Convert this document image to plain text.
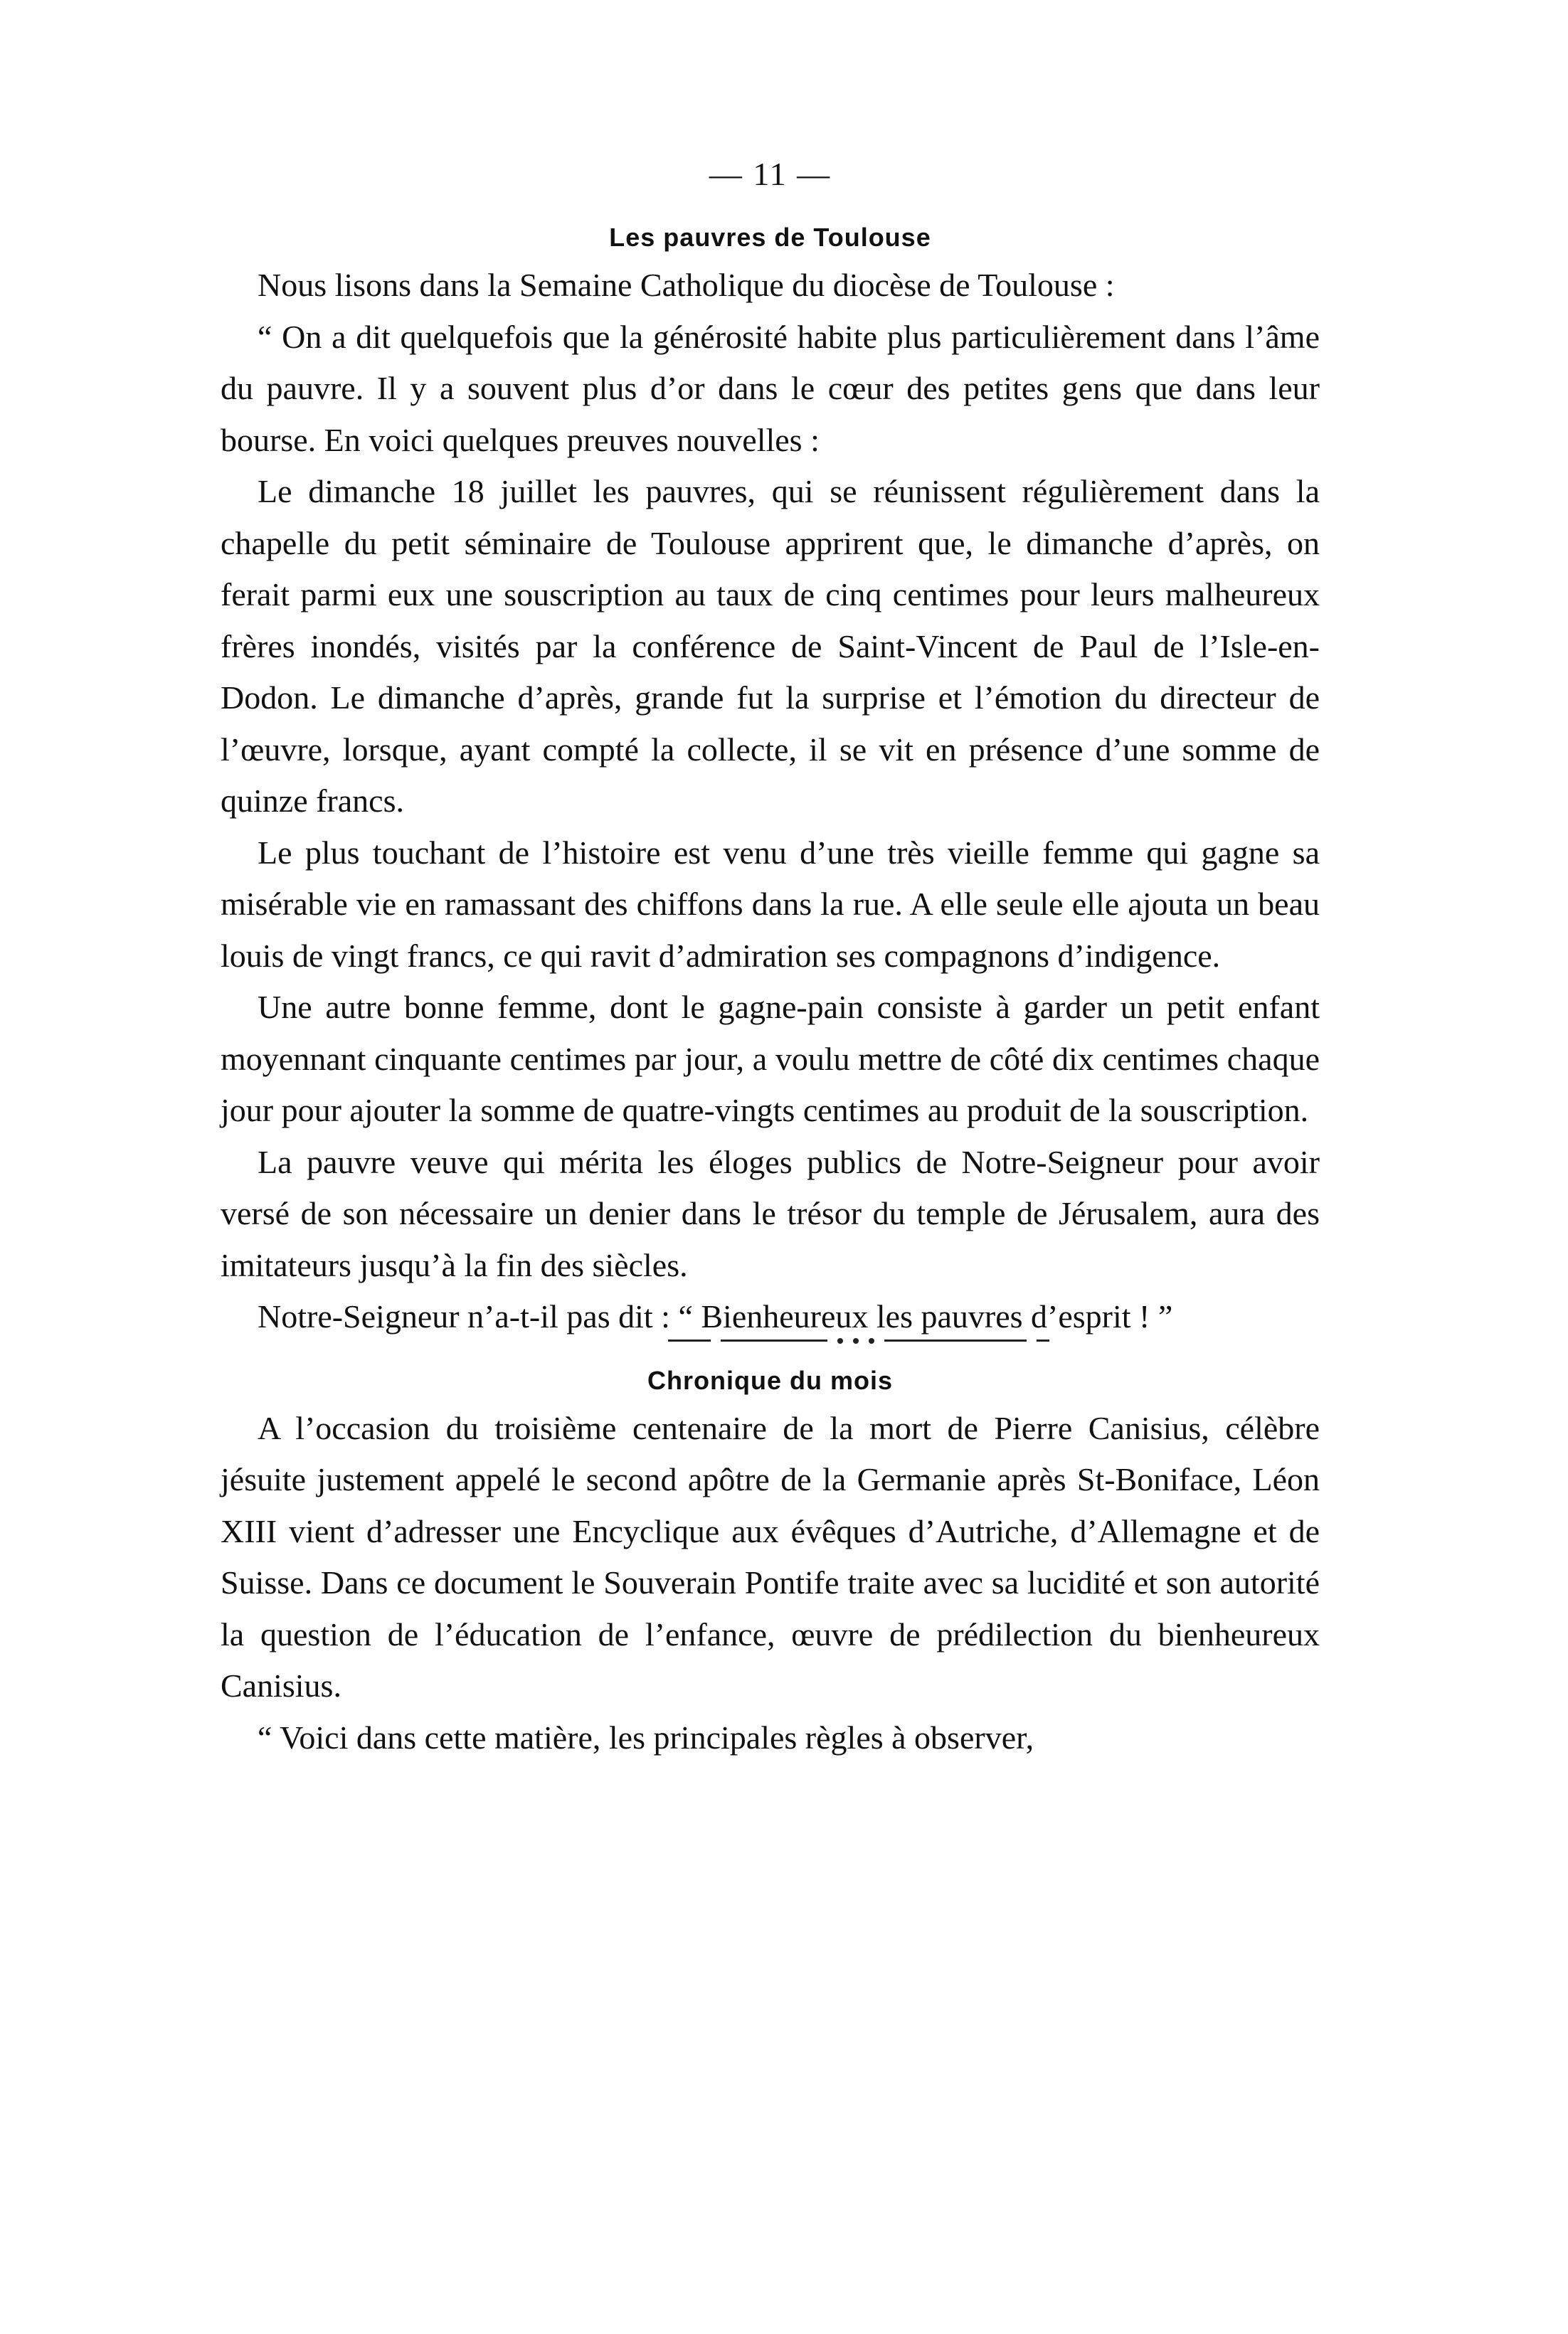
— 11 —
Les pauvres de Toulouse

Nous lisons dans la Semaine Catholique du diocèse de Toulouse :

“ On a dit quelquefois que la générosité habite plus particulièrement dans l’âme du pauvre. Il y a souvent plus d’or dans le cœur des petites gens que dans leur bourse. En voici quelques preuves nouvelles :

Le dimanche 18 juillet les pauvres, qui se réunissent régulièrement dans la chapelle du petit séminaire de Toulouse apprirent que, le dimanche d’après, on ferait parmi eux une souscription au taux de cinq centimes pour leurs malheureux frères inondés, visités par la conférence de Saint-Vincent de Paul de l’Isle-en-Dodon. Le dimanche d’après, grande fut la surprise et l’émotion du directeur de l’œuvre, lorsque, ayant compté la collecte, il se vit en présence d’une somme de quinze francs.

Le plus touchant de l’histoire est venu d’une très vieille femme qui gagne sa misérable vie en ramassant des chiffons dans la rue. A elle seule elle ajouta un beau louis de vingt francs, ce qui ravit d’admiration ses compagnons d’indigence.

Une autre bonne femme, dont le gagne-pain consiste à garder un petit enfant moyennant cinquante centimes par jour, a voulu mettre de côté dix centimes chaque jour pour ajouter la somme de quatre-vingts centimes au produit de la souscription.

La pauvre veuve qui mérita les éloges publics de Notre-Seigneur pour avoir versé de son nécessaire un denier dans le trésor du temple de Jérusalem, aura des imitateurs jusqu’à la fin des siècles.

Notre-Seigneur n’a-t-il pas dit : “ Bienheureux les pauvres d’esprit ! ”

Chronique du mois

A l’occasion du troisième centenaire de la mort de Pierre Canisius, célèbre jésuite justement appelé le second apôtre de la Germanie après St-Boniface, Léon XIII vient d’adresser une Encyclique aux évêques d’Autriche, d’Allemagne et de Suisse. Dans ce document le Souverain Pontife traite avec sa lucidité et son autorité la question de l’éducation de l’enfance, œuvre de prédilection du bienheureux Canisius.

“ Voici dans cette matière, les principales règles à observer,
